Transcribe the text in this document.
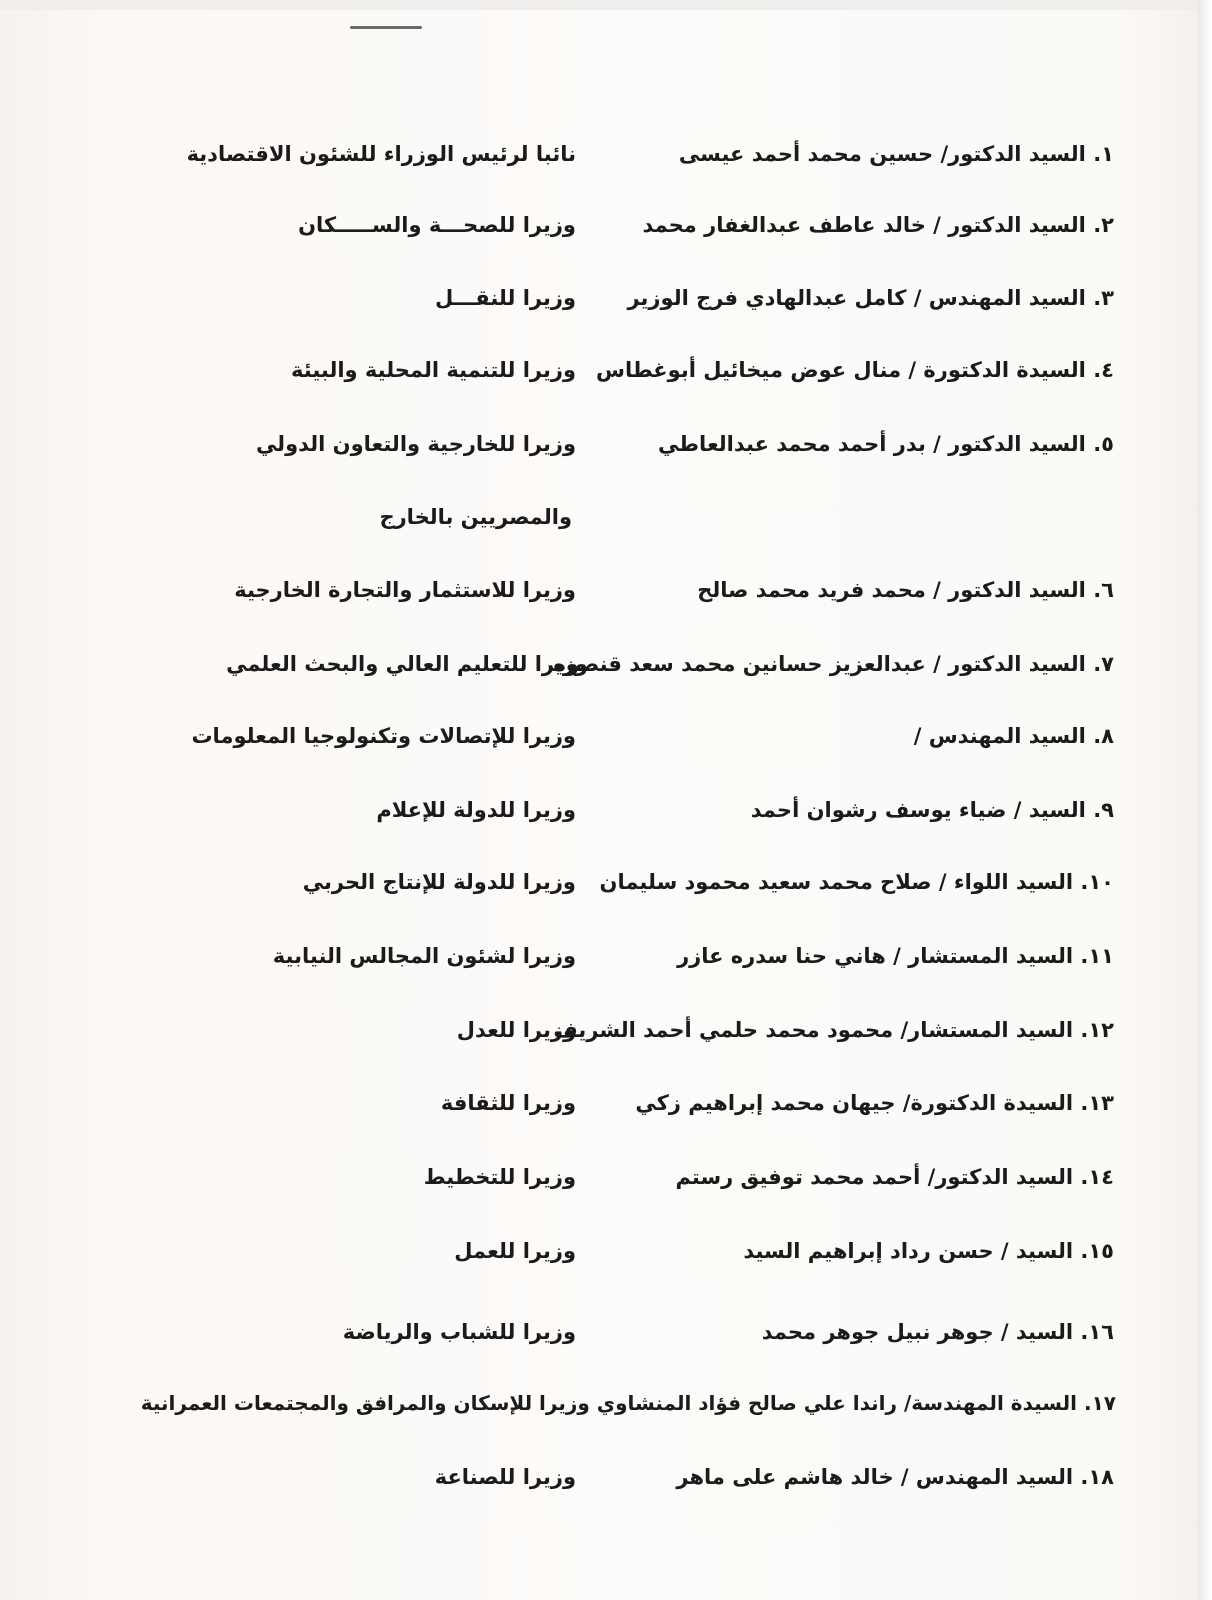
١. السيد الدكتور/ حسين محمد أحمد عيسى
نائبا لرئيس الوزراء للشئون الاقتصادية
٢. السيد الدكتور / خالد عاطف عبدالغفار محمد
وزيرا للصحـــة والســـــكان
٣. السيد المهندس / كامل عبدالهادي فرج الوزير
وزيرا للنقـــل
٤. السيدة الدكتورة / منال عوض ميخائيل أبوغطاس
وزيرا للتنمية المحلية والبيئة
٥. السيد الدكتور / بدر أحمد محمد عبدالعاطي
وزيرا للخارجية والتعاون الدولي
والمصريين بالخارج
٦. السيد الدكتور / محمد فريد محمد صالح
وزيرا للاستثمار والتجارة الخارجية
٧. السيد الدكتور / عبدالعزيز حسانين محمد سعد قنصوه
وزيرا للتعليم العالي والبحث العلمي
٨. السيد المهندس /
وزيرا للإتصالات وتكنولوجيا المعلومات
٩. السيد / ضياء يوسف رشوان أحمد
وزيرا للدولة للإعلام
١٠. السيد اللواء / صلاح محمد سعيد محمود سليمان
وزيرا للدولة للإنتاج الحربي
١١. السيد المستشار / هاني حنا سدره عازر
وزيرا لشئون المجالس النيابية
١٢. السيد المستشار/ محمود محمد حلمي أحمد الشريف
وزيرا للعدل
١٣. السيدة الدكتورة/ جيهان محمد إبراهيم زكي
وزيرا للثقافة
١٤. السيد الدكتور/ أحمد محمد توفيق رستم
وزيرا للتخطيط
١٥. السيد / حسن رداد إبراهيم السيد
وزيرا للعمل
١٦. السيد / جوهر نبيل جوهر محمد
وزيرا للشباب والرياضة
١٧. السيدة المهندسة/ راندا علي صالح فؤاد المنشاوي وزيرا للإسكان والمرافق والمجتمعات العمرانية
١٨. السيد المهندس / خالد هاشم على ماهر
وزيرا للصناعة
